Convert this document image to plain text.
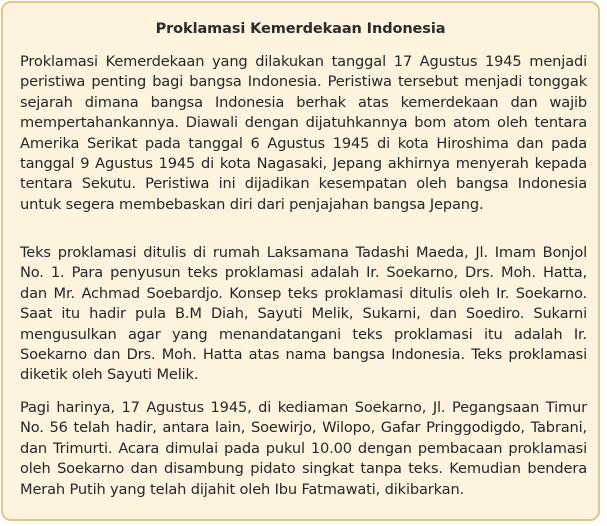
Proklamasi Kemerdekaan Indonesia

Proklamasi Kemerdekaan yang dilakukan tanggal 17 Agustus 1945 menjadi peristiwa penting bagi bangsa Indonesia. Peristiwa tersebut menjadi tonggak sejarah dimana bangsa Indonesia berhak atas kemerdekaan dan wajib mempertahankannya. Diawali dengan dijatuhkannya bom atom oleh tentara Amerika Serikat pada tanggal 6 Agustus 1945 di kota Hiroshima dan pada tanggal 9 Agustus 1945 di kota Nagasaki, Jepang akhirnya menyerah kepada tentara Sekutu. Peristiwa ini dijadikan kesempatan oleh bangsa Indonesia untuk segera membebaskan diri dari penjajahan bangsa Jepang.

Teks proklamasi ditulis di rumah Laksamana Tadashi Maeda, Jl. Imam Bonjol No. 1. Para penyusun teks proklamasi adalah Ir. Soekarno, Drs. Moh. Hatta, dan Mr. Achmad Soebardjo. Konsep teks proklamasi ditulis oleh Ir. Soekarno. Saat itu hadir pula B.M Diah, Sayuti Melik, Sukarni, dan Soediro. Sukarni mengusulkan agar yang menandatangani teks proklamasi itu adalah Ir. Soekarno dan Drs. Moh. Hatta atas nama bangsa Indonesia. Teks proklamasi diketik oleh Sayuti Melik.

Pagi harinya, 17 Agustus 1945, di kediaman Soekarno, Jl. Pegangsaan Timur No. 56 telah hadir, antara lain, Soewirjo, Wilopo, Gafar Pringgodigdo, Tabrani, dan Trimurti. Acara dimulai pada pukul 10.00 dengan pembacaan proklamasi oleh Soekarno dan disambung pidato singkat tanpa teks. Kemudian bendera Merah Putih yang telah dijahit oleh Ibu Fatmawati, dikibarkan.
